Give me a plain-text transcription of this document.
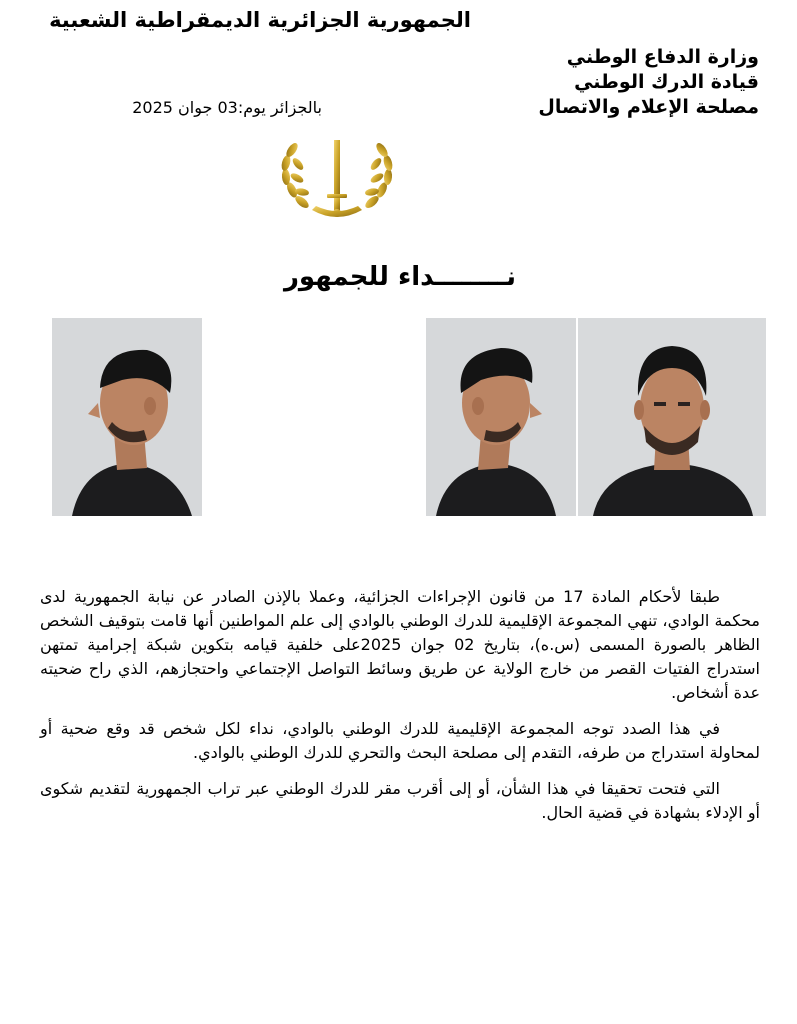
الجمهورية الجزائرية الديمقراطية الشعبية
وزارة الدفاع الوطني
قيادة الدرك الوطني
مصلحة الإعلام والاتصال
بالجزائر يوم:03 جوان 2025
نــــــــداء للجمهور

طبقا لأحكام المادة 17 من قانون الإجراءات الجزائية، وعملا بالإذن الصادر عن نيابة الجمهورية لدى محكمة الوادي، تنهي المجموعة الإقليمية للدرك الوطني بالوادي إلى علم المواطنين أنها قامت بتوقيف الشخص الظاهر بالصورة المسمى (س.ه)، بتاريخ 02 جوان 2025على خلفية قيامه بتكوين شبكة إجرامية تمتهن استدراج الفتيات القصر من خارج الولاية عن طريق وسائط التواصل الإجتماعي واحتجازهم، الذي راح ضحيته عدة أشخاص.

في هذا الصدد توجه المجموعة الإقليمية للدرك الوطني بالوادي، نداء لكل شخص قد وقع ضحية أو لمحاولة استدراج من طرفه، التقدم إلى مصلحة البحث والتحري للدرك الوطني بالوادي.

التي فتحت تحقيقا في هذا الشأن، أو إلى أقرب مقر للدرك الوطني عبر تراب الجمهورية لتقديم شكوى أو الإدلاء بشهادة في قضية الحال.
